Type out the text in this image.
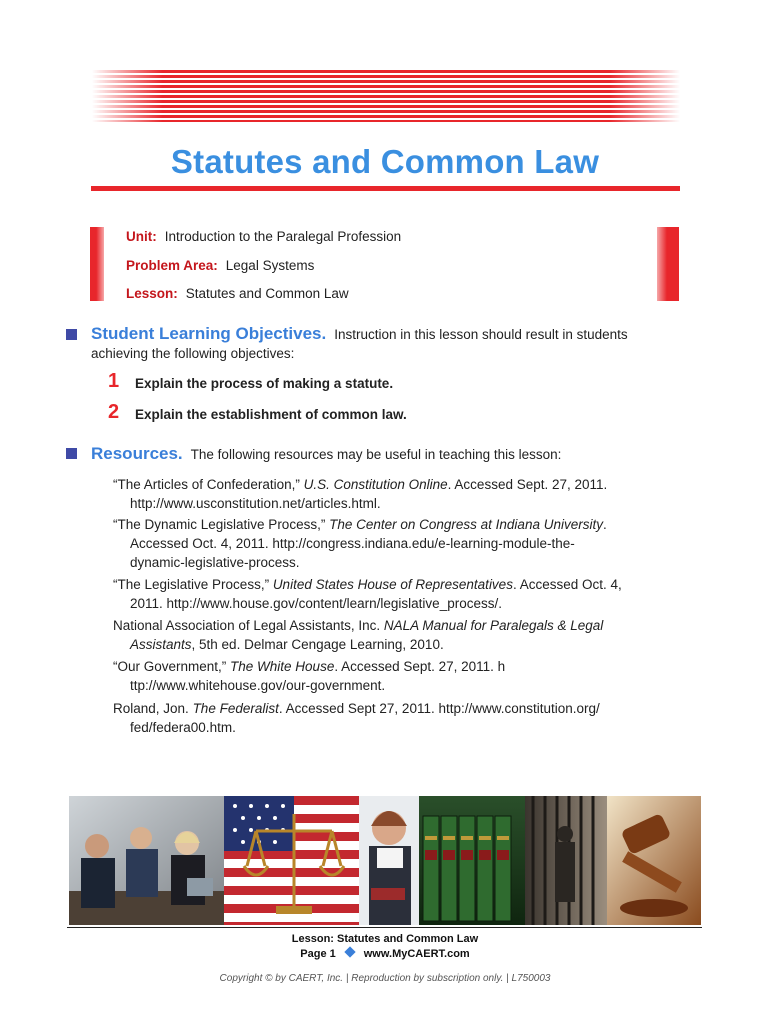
Statutes and Common Law
Unit: Introduction to the Paralegal Profession
Problem Area: Legal Systems
Lesson: Statutes and Common Law
Student Learning Objectives. Instruction in this lesson should result in students
achieving the following objectives:
1 Explain the process of making a statute.
2 Explain the establishment of common law.
Resources. The following resources may be useful in teaching this lesson:
“The Articles of Confederation,” U.S. Constitution Online. Accessed Sept. 27, 2011.
http://www.usconstitution.net/articles.html.
“The Dynamic Legislative Process,” The Center on Congress at Indiana University.
Accessed Oct. 4, 2011. http://congress.indiana.edu/e-learning-module-the-
dynamic-legislative-process.
“The Legislative Process,” United States House of Representatives. Accessed Oct. 4,
2011. http://www.house.gov/content/learn/legislative_process/.
National Association of Legal Assistants, Inc. NALA Manual for Paralegals & Legal
Assistants, 5th ed. Delmar Cengage Learning, 2010.
“Our Government,” The White House. Accessed Sept. 27, 2011. h
ttp://www.whitehouse.gov/our-government.
Roland, Jon. The Federalist. Accessed Sept 27, 2011. http://www.constitution.org/
fed/federa00.htm.
Lesson: Statutes and Common Law
Page 1	www.MyCAERT.com
Copyright © by CAERT, Inc. | Reproduction by subscription only. | L750003
